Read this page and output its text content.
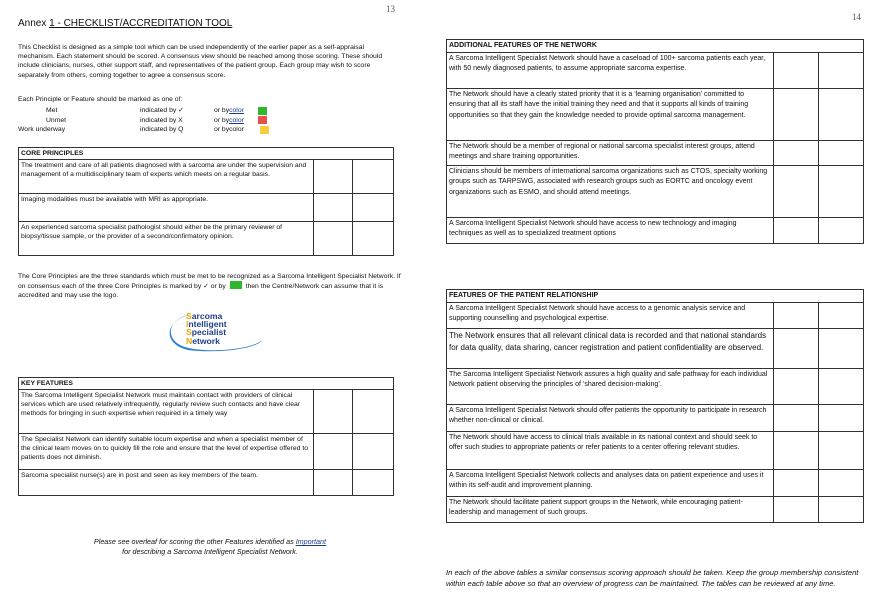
13
Annex 1 - CHECKLIST/ACCREDITATION TOOL
This Checklist is designed as a simple tool which can be used independently of the earlier paper as a self-appraisal mechanism. Each statement should be scored. A consensus view should be reached among those scoring. These should include clinicians, nurses, other support staff, and representatives of the patient group. Each group may wish to score separately from others, coming together to agree a consensus score.
Each Principle or Feature should be marked as one of:
Met	indicated by ✓	or by color
Unmet	indicated by X	or by color
Work underway	indicated by Q	or by color
CORE PRINCIPLES		
The treatment and care of all patients diagnosed with a sarcoma are under the supervision and management of a multidisciplinary team of experts which meets on a regular basis.		
Imaging modalities must be available with MRI as appropriate.		
An experienced sarcoma specialist pathologist should either be the primary reviewer of biopsy/tissue sample, or the provider of a second/confirmatory opinion.		
The Core Principles are the three standards which must be met to be recognized as a Sarcoma Intelligent Specialist Network. If on consensus each of the three Core Principles is marked by ✓ or by  then the Centre/Network can assume that it is accredited and may use the logo.
Sarcoma
Intelligent
Specialist
Network
KEY FEATURES		
The Sarcoma Intelligent Specialist Network must maintain contact with providers of clinical services which are used relatively infrequently, regularly review such contacts and have clear methods for bringing in such expertise when required in a timely way		
The Specialist Network can identify suitable locum expertise and when a specialist member of the clinical team moves on to quickly fill the role and ensure that the level of expertise offered to patients does not diminish.		
Sarcoma specialist nurse(s) are in post and seen as key members of the team.		
Please see overleaf for scoring the other Features identified as Important
for describing a Sarcoma Intelligent Specialist Network.
14
ADDITIONAL FEATURES OF THE NETWORK		
A Sarcoma Intelligent Specialist Network should have a caseload of 100+ sarcoma patients each year, with 50 newly diagnosed patients, to assume appropriate sarcoma expertise.		
The Network should have a clearly stated priority that it is a ‘learning organisation’ committed to ensuring that all its staff have the initial training they need and that it supports all kinds of training opportunities so that they gain the knowledge needed to provide optimal sarcoma management.		
The Network should be a member of regional or national sarcoma specialist interest groups, attend meetings and share training opportunities.		
Clinicians should be members of international sarcoma organizations such as CTOS, specialty working groups such as TARPSWG, associated with research groups such as EORTC and oncology event organizations such as ESMO, and should attend meetings.		
A Sarcoma Intelligent Specialist Network should have access to new technology and imaging techniques as well as to specialized treatment options		
FEATURES OF THE PATIENT RELATIONSHIP		
A Sarcoma Intelligent Specialist Network should have access to a genomic analysis service and supporting counselling and psychological expertise.		
The Network ensures that all relevant clinical data is recorded and that national standards for data quality, data sharing, cancer registration and patient confidentiality are observed.		
The Sarcoma Intelligent Specialist Network assures a high quality and safe pathway for each individual Network patient observing the principles of ‘shared decision-making’.		
A Sarcoma Intelligent Specialist Network should offer patients the opportunity to participate in research whether non-clinical or clinical.		
The Network should have access to clinical trials available in its national context and should seek to offer such studies to appropriate patients or refer patients to a center offering relevant studies.		
A Sarcoma Intelligent Specialist Network collects and analyses data on patient experience and uses it within its self-audit and improvement planning.		
The Network should facilitate patient support groups in the Network, while encouraging patient-leadership and management of such groups.		
In each of the above tables a similar consensus scoring approach should be taken. Keep the group membership consistent within each table above so that an overview of progress can be maintained. The tables can be reviewed at any time.
